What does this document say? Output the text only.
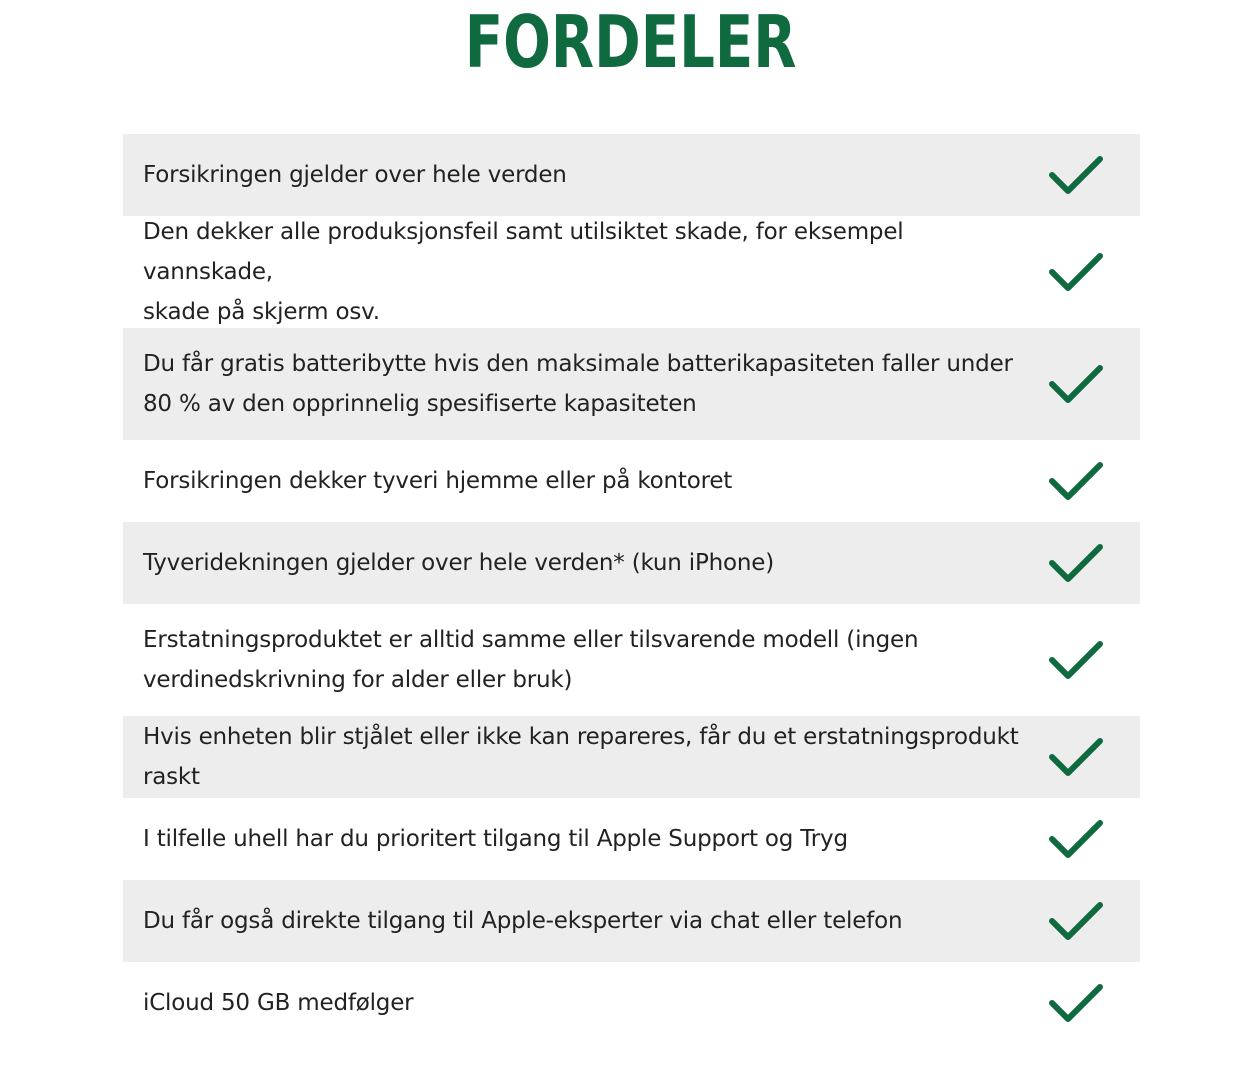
FORDELER
Forsikringen gjelder over hele verden
Den dekker alle produksjonsfeil samt utilsiktet skade, for eksempel vannskade,
skade på skjerm osv.
Du får gratis batteribytte hvis den maksimale batterikapasiteten faller under
80 % av den opprinnelig spesifiserte kapasiteten
Forsikringen dekker tyveri hjemme eller på kontoret
Tyveridekningen gjelder over hele verden* (kun iPhone)
Erstatningsproduktet er alltid samme eller tilsvarende modell (ingen
verdinedskrivning for alder eller bruk)
Hvis enheten blir stjålet eller ikke kan repareres, får du et erstatningsprodukt raskt
I tilfelle uhell har du prioritert tilgang til Apple Support og Tryg
Du får også direkte tilgang til Apple-eksperter via chat eller telefon
iCloud 50 GB medfølger
